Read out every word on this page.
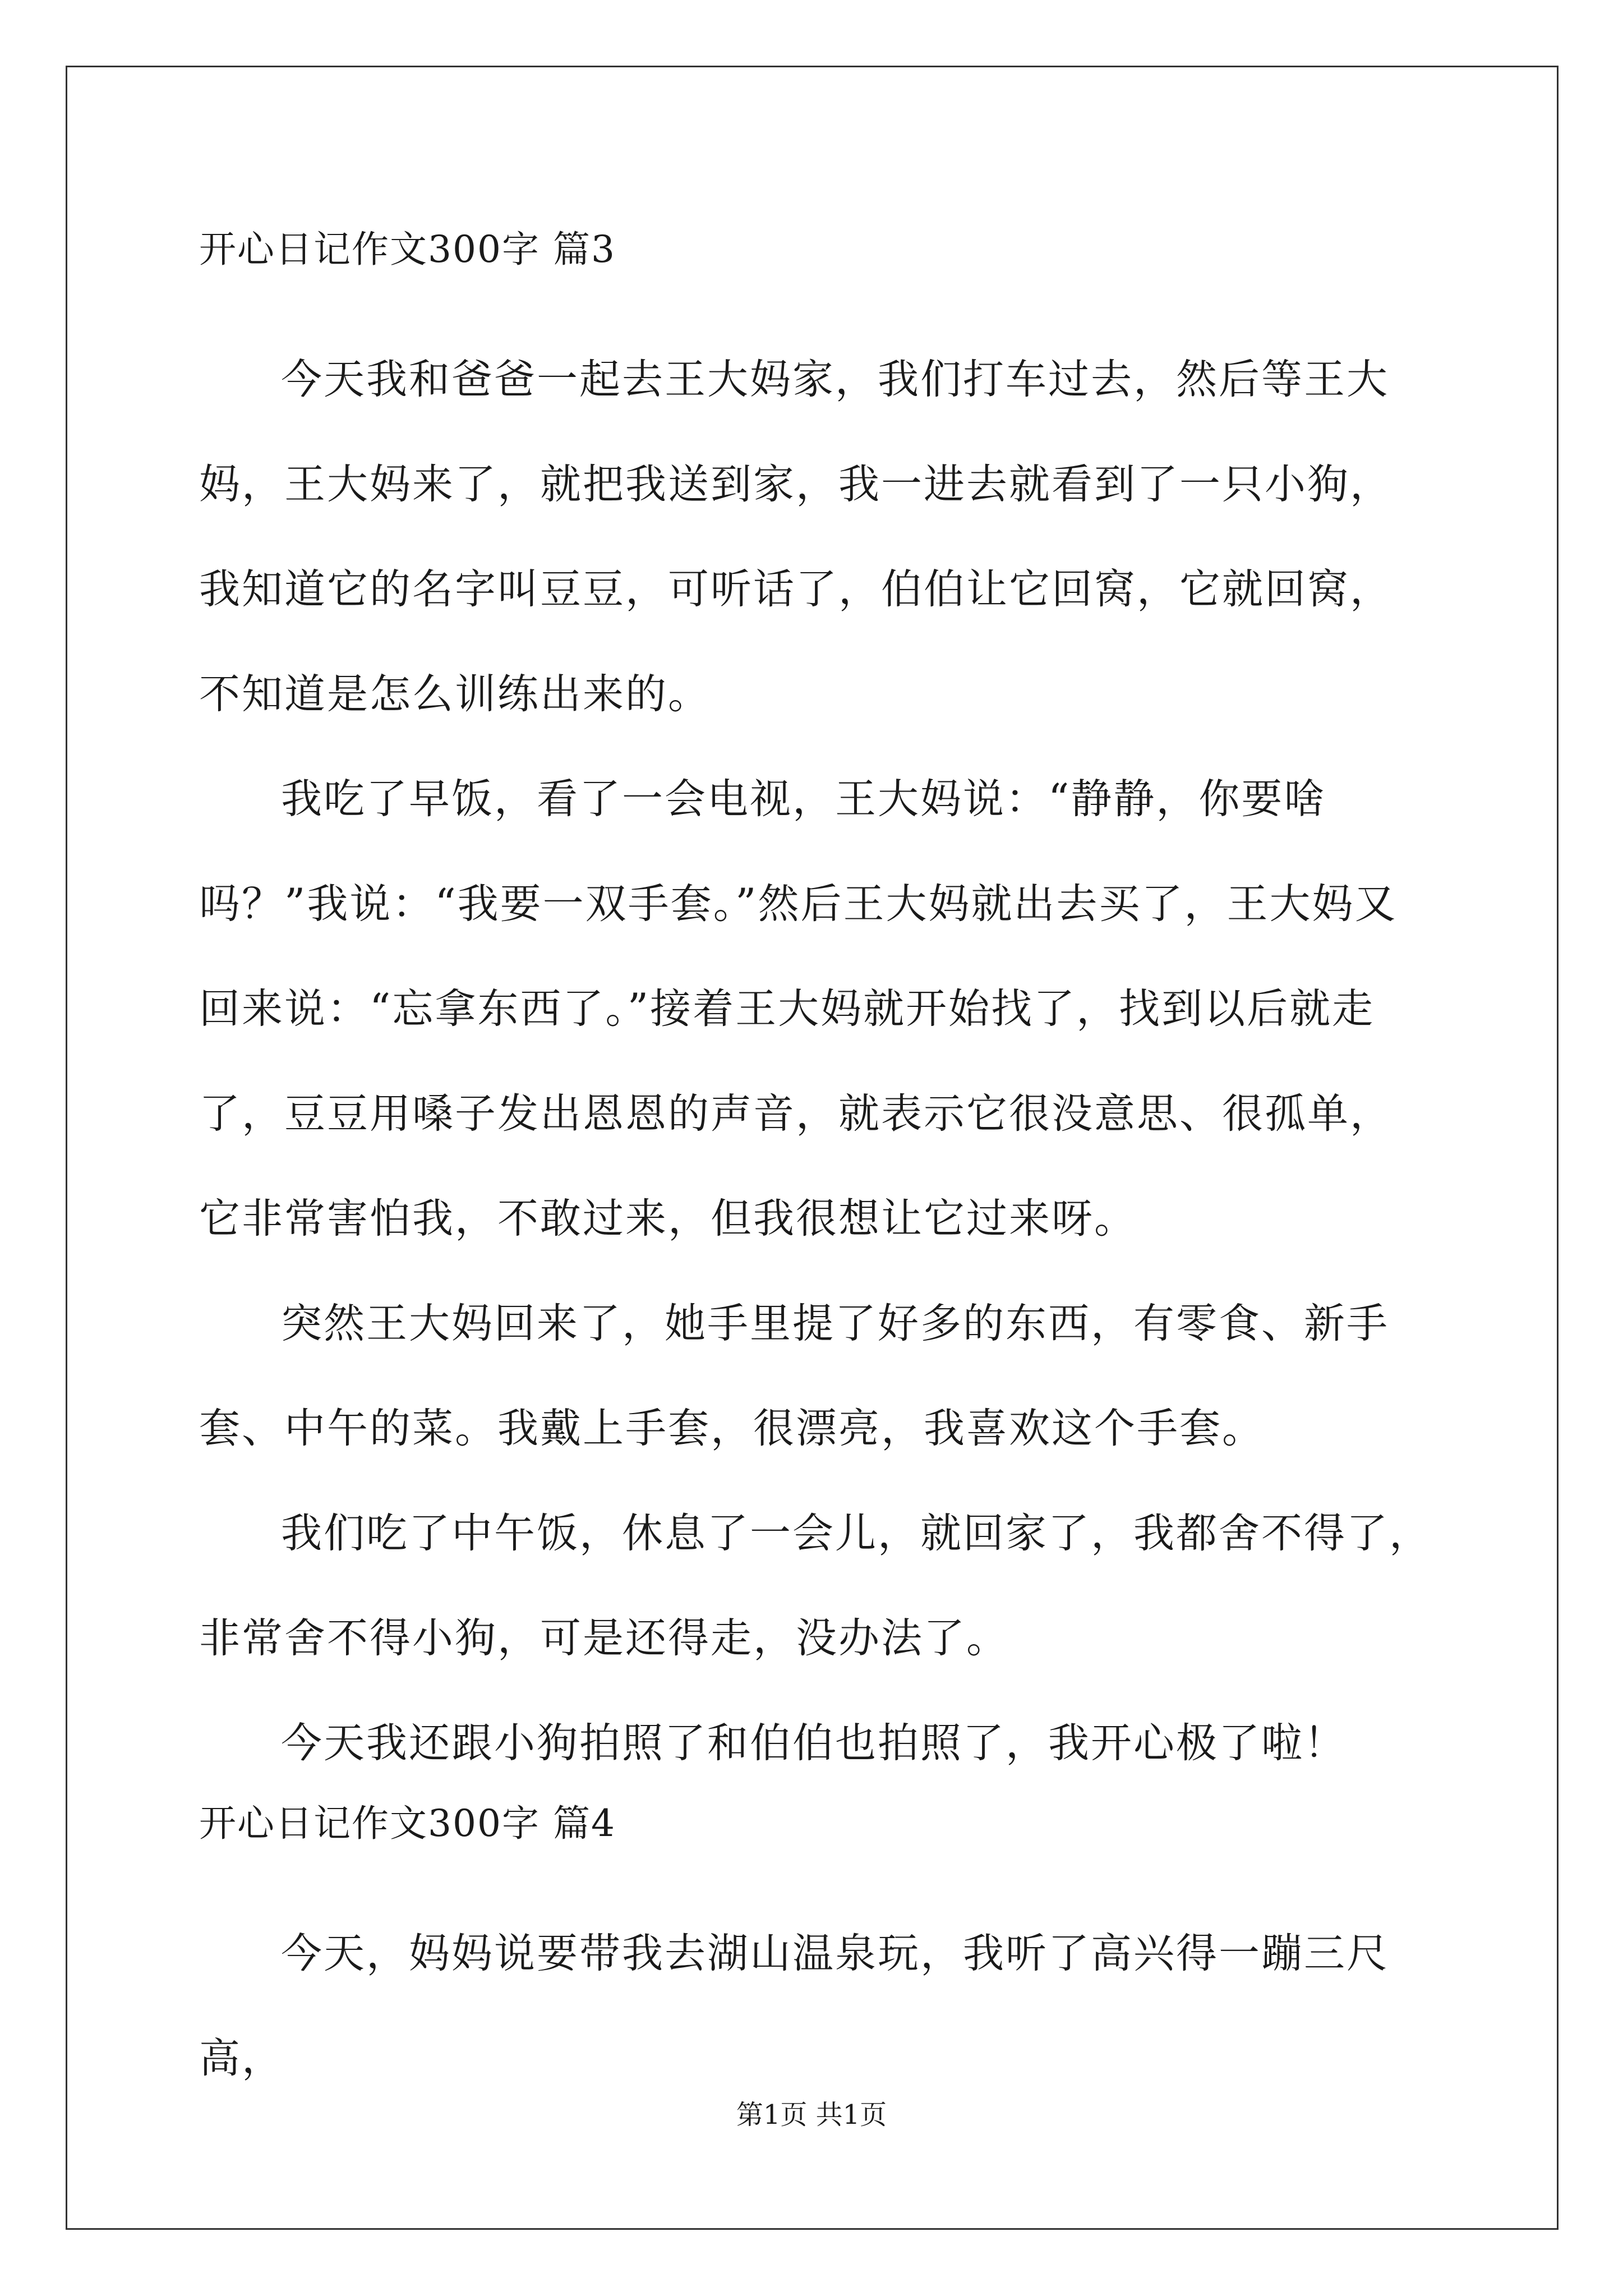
开心日记作文300字 篇3

今天我和爸爸一起去王大妈家，我们打车过去，然后等王大妈，王大妈来了，就把我送到家，我一进去就看到了一只小狗，我知道它的名字叫豆豆，可听话了，伯伯让它回窝，它就回窝，不知道是怎么训练出来的。

我吃了早饭，看了一会电视，王大妈说：“静静，你要啥吗？”我说：“我要一双手套。”然后王大妈就出去买了，王大妈又回来说：“忘拿东西了。”接着王大妈就开始找了，找到以后就走了，豆豆用嗓子发出恩恩的声音，就表示它很没意思、很孤单，它非常害怕我，不敢过来，但我很想让它过来呀。

突然王大妈回来了，她手里提了好多的东西，有零食、新手套、中午的菜。我戴上手套，很漂亮，我喜欢这个手套。

我们吃了中午饭，休息了一会儿，就回家了，我都舍不得了，非常舍不得小狗，可是还得走，没办法了。

今天我还跟小狗拍照了和伯伯也拍照了，我开心极了啦！

开心日记作文300字 篇4

今天，妈妈说要带我去湖山温泉玩，我听了高兴得一蹦三尺高，

第1页 共1页
